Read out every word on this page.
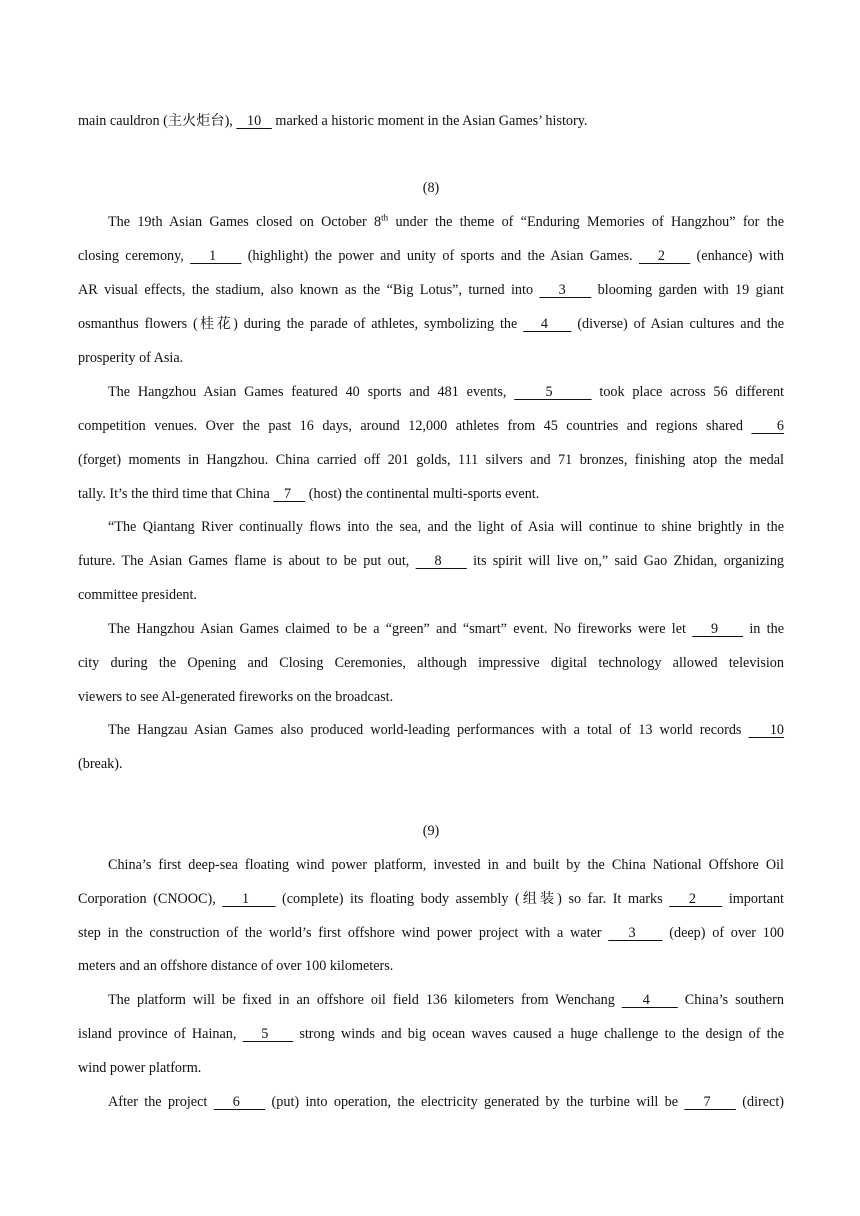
main cauldron (主火炬台),    10    marked a historic moment in the Asian Games’ history.
(8)
The 19th Asian Games closed on October 8th under the theme of “Enduring Memories of Hangzhou” for the
closing ceremony,    1     (highlight) the power and unity of sports and the Asian Games.    2     (enhance) with
AR visual effects, the stadium, also known as the “Big Lotus”, turned into    3     blooming garden with 19 giant
osmanthus flowers (桂花) during the parade of athletes, symbolizing the    4     (diverse) of Asian cultures and the
prosperity of Asia.
The Hangzhou Asian Games featured 40 sports and 481 events,     5      took place across 56 different
competition venues. Over the past 16 days, around 12,000 athletes from 45 countries and regions shared    6
(forget) moments in Hangzhou. China carried off 201 golds, 111 silvers and 71 bronzes, finishing atop the medal
tally. It’s the third time that China    7     (host) the continental multi-sports event.
“The Qiantang River continually flows into the sea, and the light of Asia will continue to shine brightly in the
future. The Asian Games flame is about to be put out,    8     its spirit will live on,” said Gao Zhidan, organizing
committee president.
The Hangzhou Asian Games claimed to be a “green” and “smart” event. No fireworks were let    9     in the
city during the Opening and Closing Ceremonies, although impressive digital technology allowed television
viewers to see Al-generated fireworks on the broadcast.
The Hangzau Asian Games also produced world-leading performances with a total of 13 world records    10
(break).
(9)
China’s first deep-sea floating wind power platform, invested in and built by the China National Offshore Oil
Corporation (CNOOC),    1     (complete) its floating body assembly (组装) so far. It marks    2     important
step in the construction of the world’s first offshore wind power project with a water    3     (deep) of over 100
meters and an offshore distance of over 100 kilometers.
The platform will be fixed in an offshore oil field 136 kilometers from Wenchang    4     China’s southern
island province of Hainan,    5     strong winds and big ocean waves caused a huge challenge to the design of the
wind power platform.
After the project    6     (put) into operation, the electricity generated by the turbine will be    7     (direct)
